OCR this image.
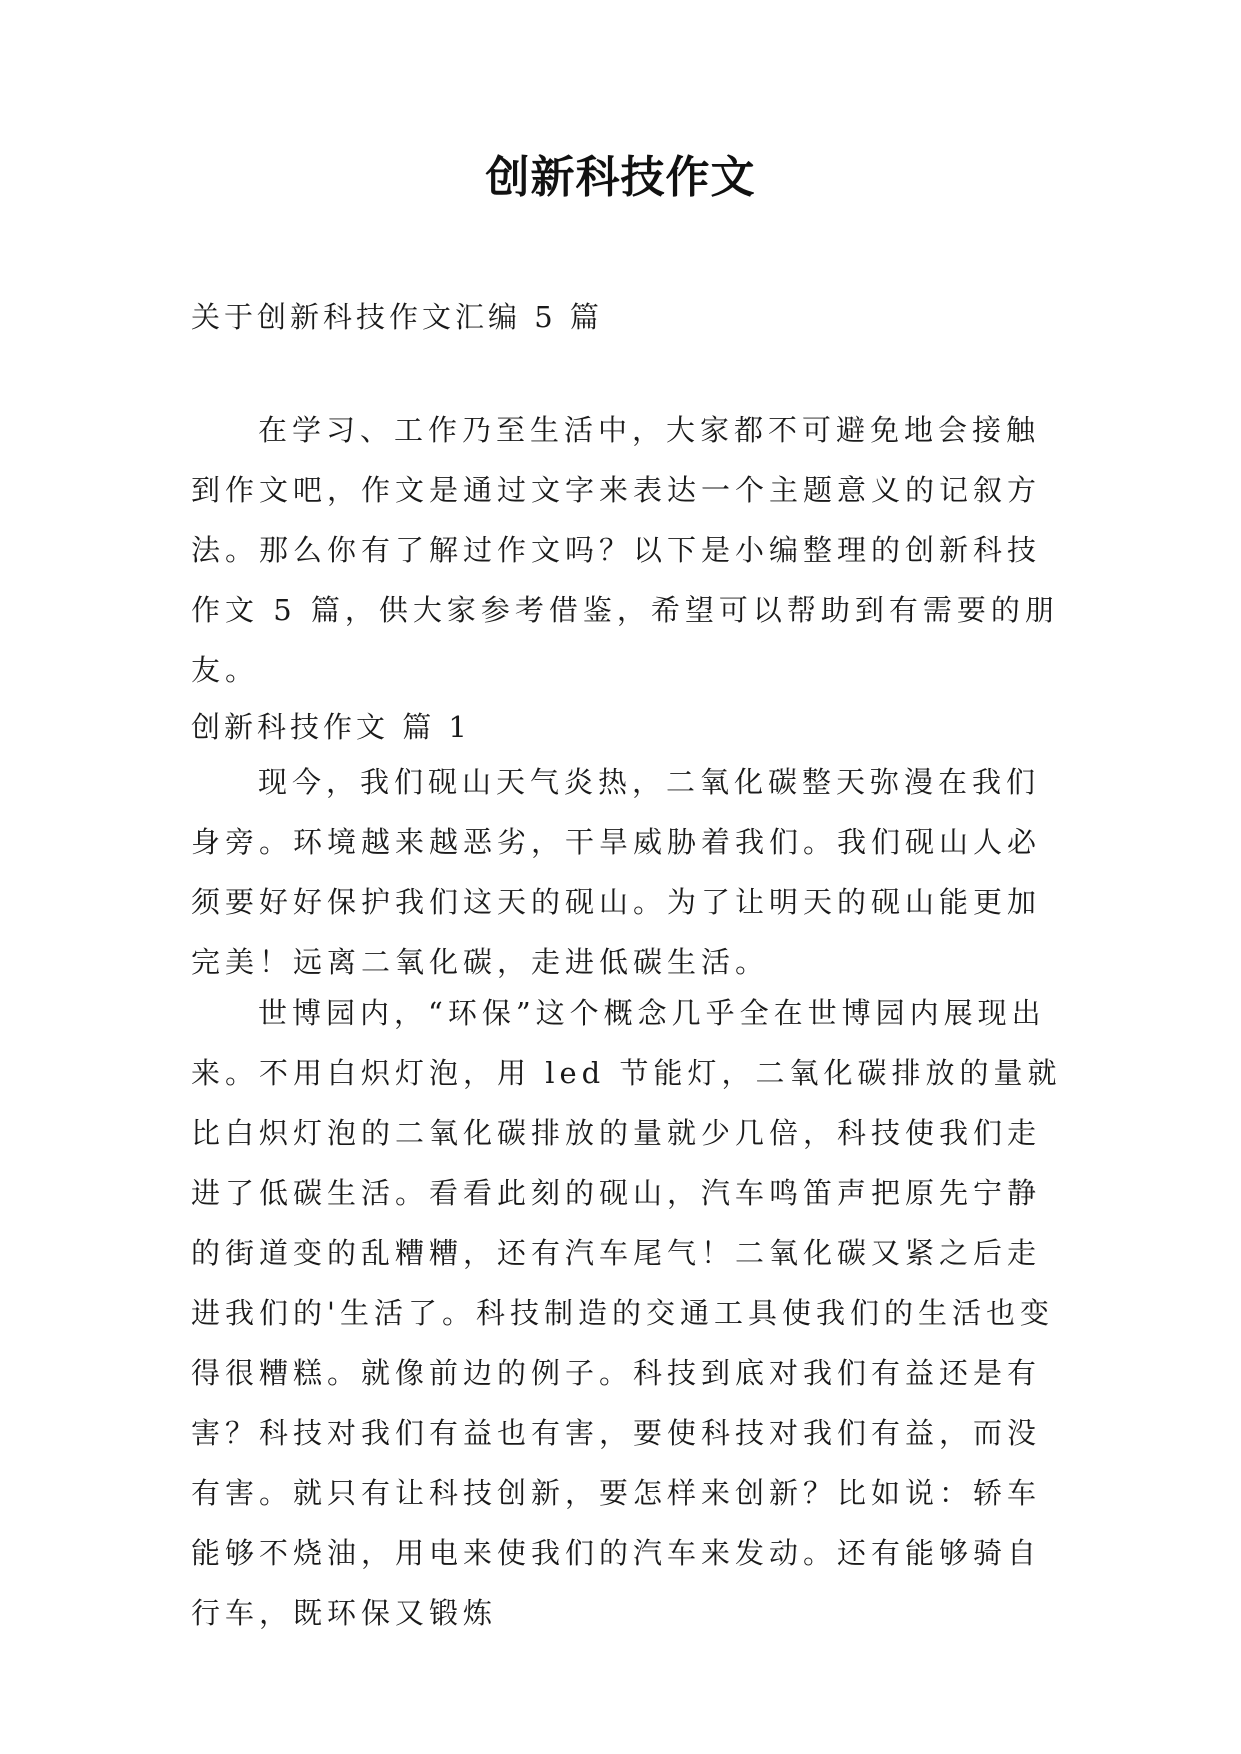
创新科技作文

关于创新科技作文汇编 5 篇

在学习、工作乃至生活中，大家都不可避免地会接触到作文吧，作文是通过文字来表达一个主题意义的记叙方法。那么你有了解过作文吗？以下是小编整理的创新科技作文 5 篇，供大家参考借鉴，希望可以帮助到有需要的朋友。

创新科技作文 篇 1

现今，我们砚山天气炎热，二氧化碳整天弥漫在我们身旁。环境越来越恶劣，干旱威胁着我们。我们砚山人必须要好好保护我们这天的砚山。为了让明天的砚山能更加完美！远离二氧化碳，走进低碳生活。

世博园内，“环保”这个概念几乎全在世博园内展现出来。不用白炽灯泡，用 led 节能灯，二氧化碳排放的量就比白炽灯泡的二氧化碳排放的量就少几倍，科技使我们走进了低碳生活。看看此刻的砚山，汽车鸣笛声把原先宁静的街道变的乱糟糟，还有汽车尾气！二氧化碳又紧之后走进我们的'生活了。科技制造的交通工具使我们的生活也变得很糟糕。就像前边的例子。科技到底对我们有益还是有害？科技对我们有益也有害，要使科技对我们有益，而没有害。就只有让科技创新，要怎样来创新？比如说：轿车能够不烧油，用电来使我们的汽车来发动。还有能够骑自行车，既环保又锻炼
